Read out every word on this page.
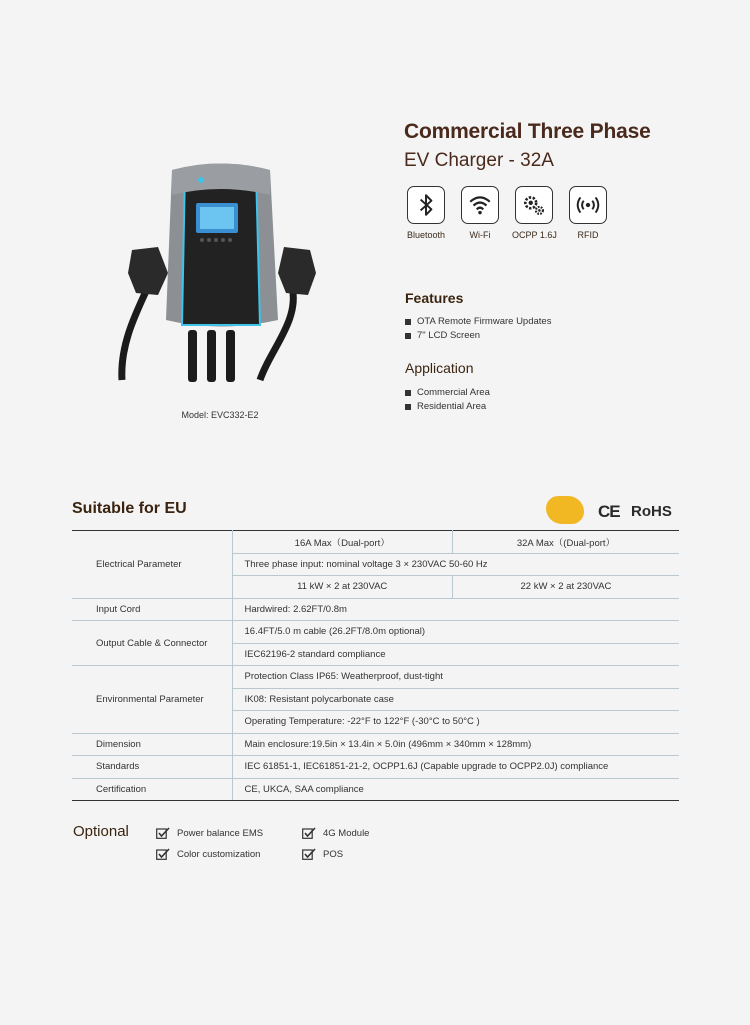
Model: EVC332-E2
Commercial Three Phase
EV Charger - 32A
Bluetooth	Wi-Fi	OCPP 1.6J	RFID
Features
OTA Remote Firmware Updates
7" LCD Screen
Application
Commercial Area
Residential Area
Suitable for EU	CE RoHS
Electrical Parameter	16A Max（Dual-port）	32A Max（(Dual-port）
	Three phase input: nominal voltage 3 × 230VAC 50-60 Hz	
	11 kW × 2 at 230VAC	22 kW × 2 at 230VAC
Input Cord	Hardwired: 2.62FT/0.8m	
Output Cable & Connector	16.4FT/5.0 m cable (26.2FT/8.0m optional)	
	IEC62196-2 standard compliance	
Environmental Parameter	Protection Class IP65: Weatherproof, dust-tight	
	IK08: Resistant polycarbonate case	
	Operating Temperature: -22°F to 122°F (-30°C to 50°C )	
Dimension	Main enclosure:19.5in × 13.4in × 5.0in (496mm × 340mm × 128mm)	
Standards	IEC 61851-1, IEC61851-21-2, OCPP1.6J (Capable upgrade to OCPP2.0J) compliance	
Certification	CE, UKCA, SAA compliance	
Optional	Power balance EMS	4G Module
Color customization	POS
